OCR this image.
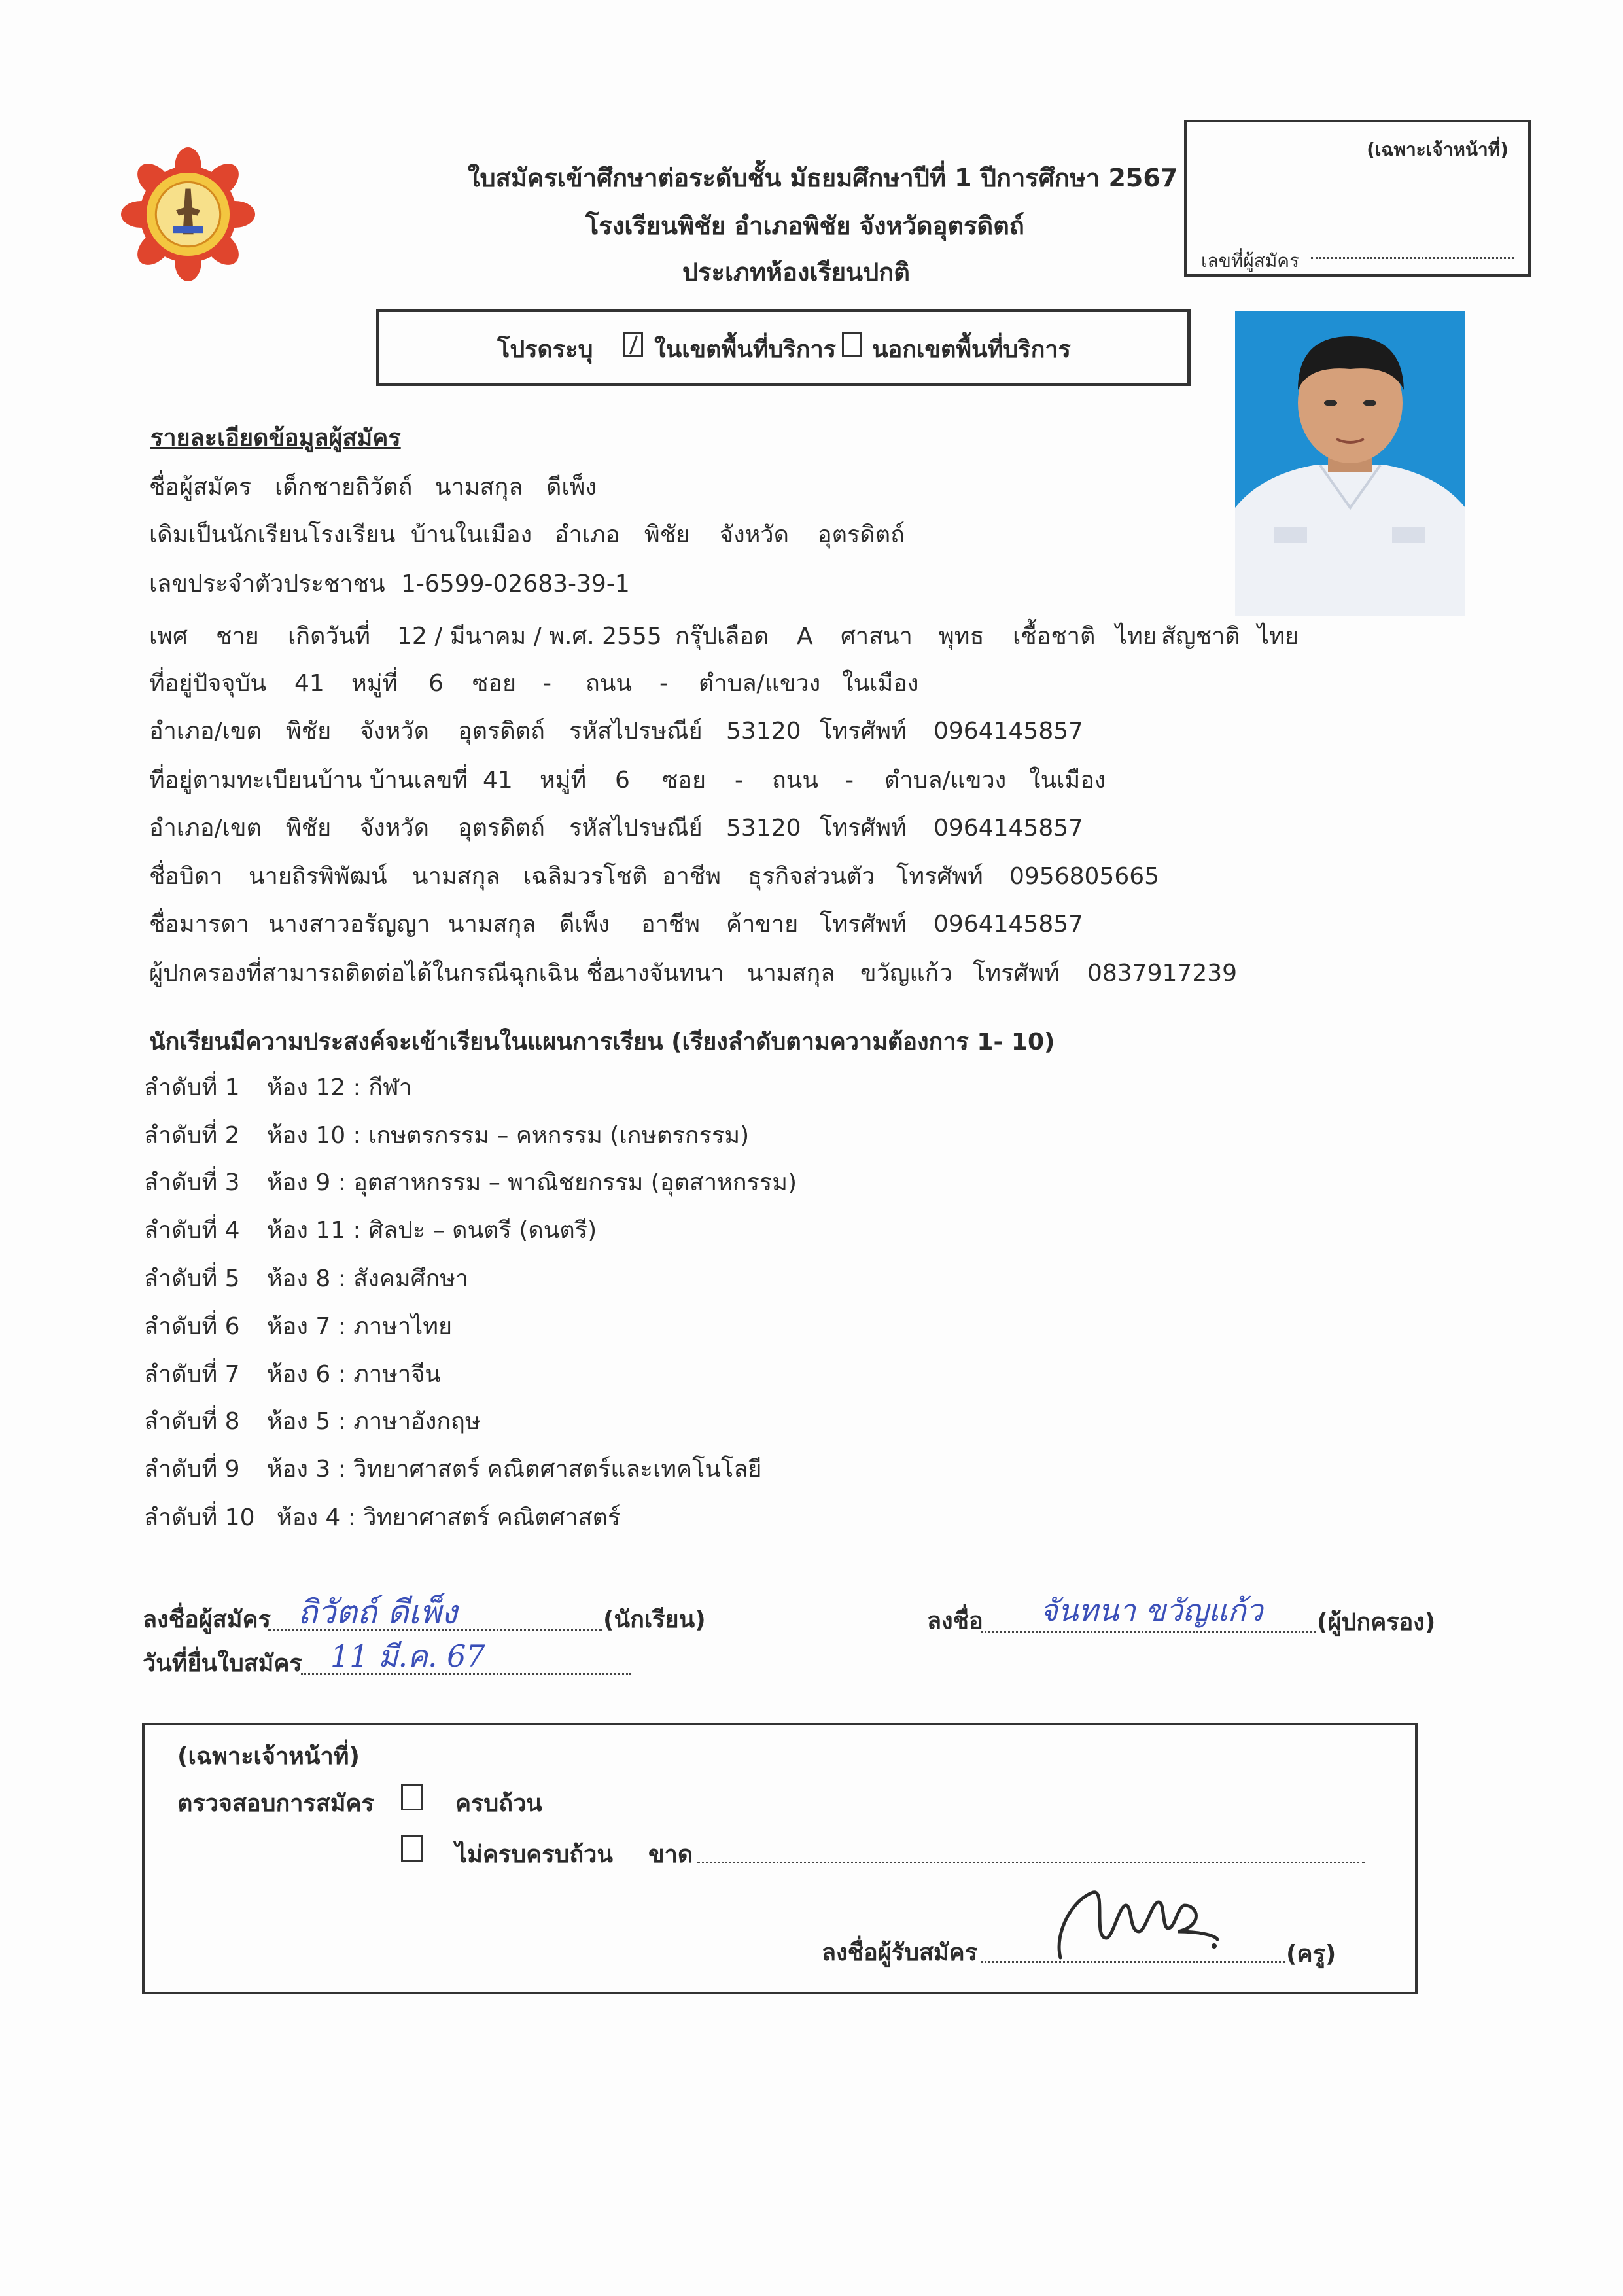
(เฉพาะเจ้าหน้าที่)
เลขที่ผู้สมัคร
ใบสมัครเข้าศึกษาต่อระดับชั้น มัธยมศึกษาปีที่ 1 ปีการศึกษา 2567
โรงเรียนพิชัย อำเภอพิชัย จังหวัดอุตรดิตถ์
ประเภทห้องเรียนปกติ
โปรดระบุ	ในเขตพื้นที่บริการ นอกเขตพื้นที่บริการ
รายละเอียดข้อมูลผู้สมัคร
ชื่อผู้สมัคร เด็กชายถิวัตถ์ นามสกุล ดีเพ็ง
เดิมเป็นนักเรียนโรงเรียน บ้านในเมือง อำเภอ พิชัย จังหวัด อุตรดิตถ์
เลขประจำตัวประชาชน 1-6599-02683-39-1
เพศ ชาย เกิดวันที่ 12 / มีนาคม / พ.ศ. 2555 กรุ๊ปเลือด A ศาสนา พุทธ เชื้อชาติ ไทย สัญชาติ ไทย
ที่อยู่ปัจจุบัน 41 หมู่ที่ 6 ซอย - ถนน - ตำบล/แขวง ในเมือง
อำเภอ/เขต พิชัย จังหวัด อุตรดิตถ์ รหัสไปรษณีย์ 53120 โทรศัพท์ 0964145857
ที่อยู่ตามทะเบียนบ้าน บ้านเลขที่ 41 หมู่ที่ 6 ซอย - ถนน - ตำบล/แขวง ในเมือง
อำเภอ/เขต พิชัย จังหวัด อุตรดิตถ์ รหัสไปรษณีย์ 53120 โทรศัพท์ 0964145857
ชื่อบิดา นายถิรพิพัฒน์ นามสกุล เฉลิมวรโชติ อาชีพ ธุรกิจส่วนตัว โทรศัพท์ 0956805665
ชื่อมารดา นางสาวอรัญญา นามสกุล ดีเพ็ง อาชีพ ค้าขาย โทรศัพท์ 0964145857
ผู้ปกครองที่สามารถติดต่อได้ในกรณีฉุกเฉิน ชื่อ
นางจันทนา นามสกุล ขวัญแก้ว โทรศัพท์ 0837917239
นักเรียนมีความประสงค์จะเข้าเรียนในแผนการเรียน (เรียงลำดับตามความต้องการ 1- 10)
ลำดับที่ 1 ห้อง 12 : กีฬา
ลำดับที่ 2 ห้อง 10 : เกษตรกรรม – คหกรรม (เกษตรกรรม)
ลำดับที่ 3 ห้อง 9 : อุตสาหกรรม – พาณิชยกรรม (อุตสาหกรรม)
ลำดับที่ 4 ห้อง 11 : ศิลปะ – ดนตรี (ดนตรี)
ลำดับที่ 5 ห้อง 8 : สังคมศึกษา
ลำดับที่ 6 ห้อง 7 : ภาษาไทย
ลำดับที่ 7 ห้อง 6 : ภาษาจีน
ลำดับที่ 8 ห้อง 5 : ภาษาอังกฤษ
ลำดับที่ 9 ห้อง 3 : วิทยาศาสตร์ คณิตศาสตร์และเทคโนโลยี
ลำดับที่ 10 ห้อง 4 : วิทยาศาสตร์ คณิตศาสตร์
ลงชื่อผู้สมัคร ถิวัตถ์ ดีเพ็ง	(นักเรียน)
วันที่ยื่นใบสมัคร 11 มี.ค. 67
ลงชื่อ จันทนา ขวัญแก้ว (ผู้ปกครอง)
(เฉพาะเจ้าหน้าที่)
ตรวจสอบการสมัคร	ครบถ้วน
ไม่ครบครบถ้วน ขาด
ลงชื่อผู้รับสมัคร	(ครู)
